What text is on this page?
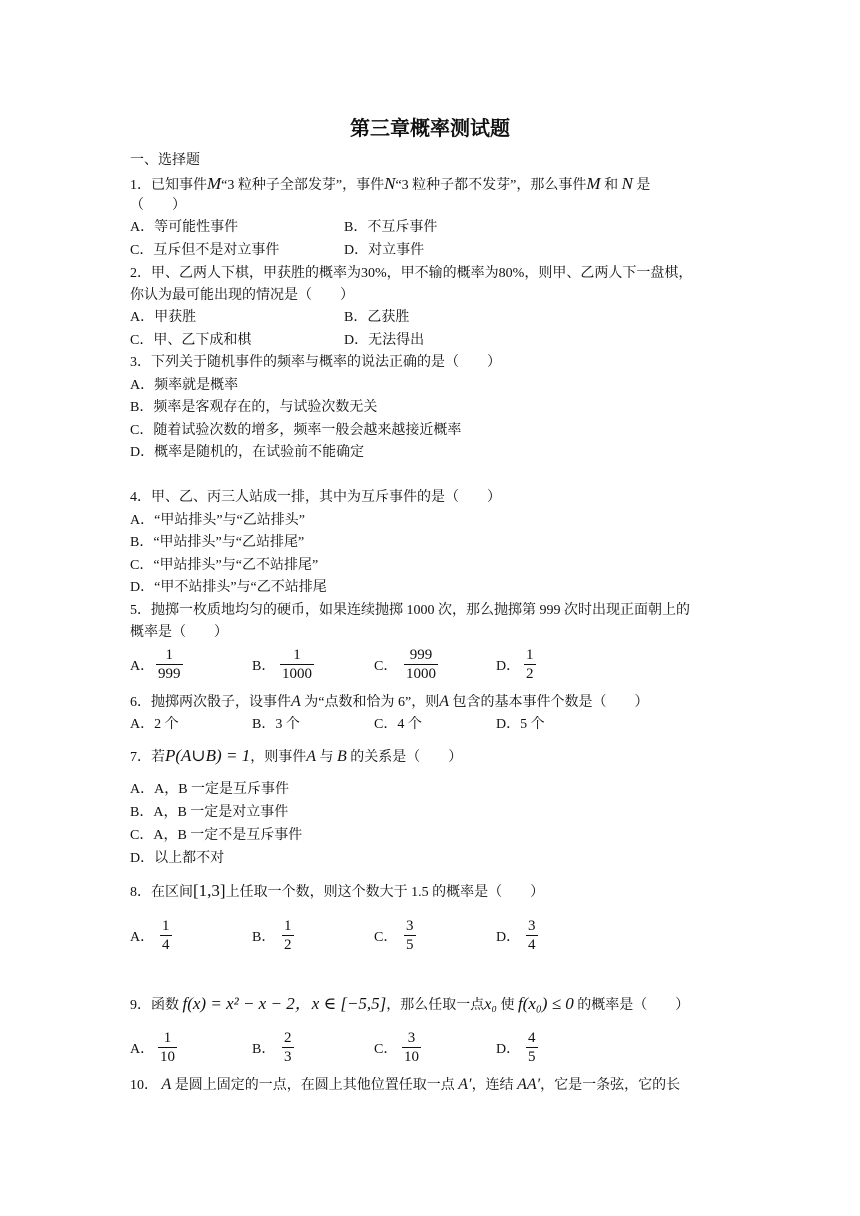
第三章概率测试题
一、选择题
1．已知事件M“3 粒种子全部发芽”，事件N“3 粒种子都不发芽”，那么事件M 和 N 是
（　　）
A．等可能性事件	B．不互斥事件
C．互斥但不是对立事件	D．对立事件
2．甲、乙两人下棋，甲获胜的概率为30%，甲不输的概率为80%，则甲、乙两人下一盘棋，
你认为最可能出现的情况是（　　）
A．甲获胜	B．乙获胜
C．甲、乙下成和棋	D．无法得出
3．下列关于随机事件的频率与概率的说法正确的是（　　）
A．频率就是概率
B．频率是客观存在的，与试验次数无关
C．随着试验次数的增多，频率一般会越来越接近概率
D．概率是随机的，在试验前不能确定
4．甲、乙、丙三人站成一排，其中为互斥事件的是（　　）
A．“甲站排头”与“乙站排头”
B．“甲站排头”与“乙站排尾”
C．“甲站排头”与“乙不站排尾”
D．“甲不站排头”与“乙不站排尾
5．抛掷一枚质地均匀的硬币，如果连续抛掷 1000 次，那么抛掷第 999 次时出现正面朝上的
概率是（　　）
A． $\frac{1}{999}$	B． $\frac{1}{1000}$	C． $\frac{999}{1000}$	D． $\frac{1}{2}$
6．抛掷两次骰子，设事件A 为“点数和恰为 6”，则A 包含的基本事件个数是（　　）
A．2 个	B．3 个	C．4 个	D．5 个
7．若P(A∪B) = 1，则事件A 与 B 的关系是（　　）
A．A，B 一定是互斥事件
B．A，B 一定是对立事件
C．A，B 一定不是互斥事件
D．以上都不对
8．在区间[1,3]上任取一个数，则这个数大于 1.5 的概率是（　　）
A． $\frac{1}{4}$	B． $\frac{1}{2}$	C． $\frac{3}{5}$	D． $\frac{3}{4}$
9．函数 f(x) = x² − x − 2，x ∈ [−5,5]，那么任取一点x₀ 使 f(x₀) ≤ 0 的概率是（　　）
A． $\frac{1}{10}$	B． $\frac{2}{3}$	C． $\frac{3}{10}$	D． $\frac{4}{5}$
10． A 是圆上固定的一点，在圆上其他位置任取一点 A′，连结 AA′，它是一条弦，它的长
